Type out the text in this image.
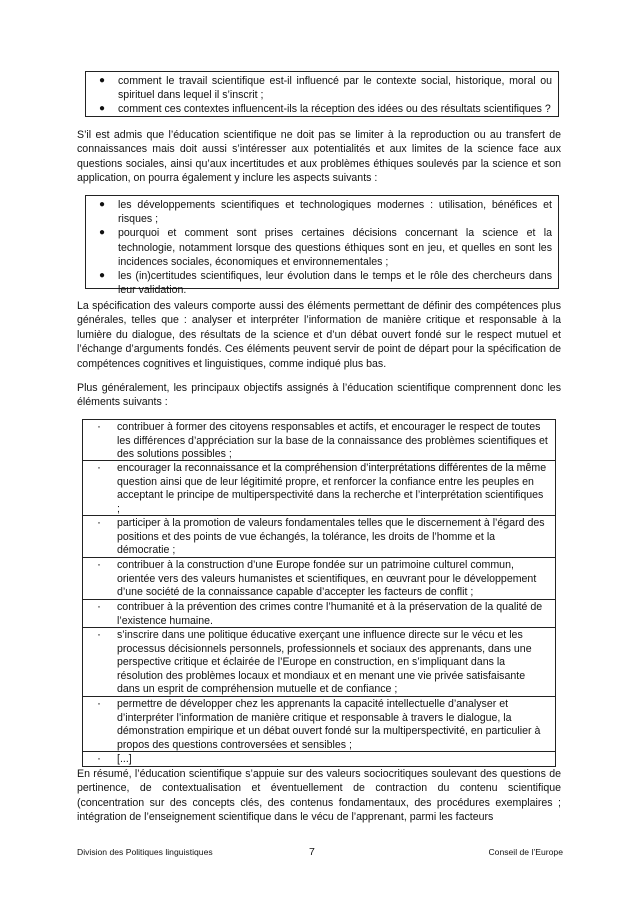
● comment le travail scientifique est-il influencé par le contexte social, historique, moral ou spirituel dans lequel il s’inscrit ;
● comment ces contextes influencent-ils la réception des idées ou des résultats scientifiques ?
S’il est admis que l’éducation scientifique ne doit pas se limiter à la reproduction ou au transfert de connaissances mais doit aussi s’intéresser aux potentialités et aux limites de la science face aux questions sociales, ainsi qu’aux incertitudes et aux problèmes éthiques soulevés par la science et son application, on pourra également y inclure les aspects suivants :
● les développements scientifiques et technologiques modernes : utilisation, bénéfices et risques ;
● pourquoi et comment sont prises certaines décisions concernant la science et la technologie, notamment lorsque des questions éthiques sont en jeu, et quelles en sont les incidences sociales, économiques et environnementales ;
● les (in)certitudes scientifiques, leur évolution dans le temps et le rôle des chercheurs dans leur validation.
La spécification des valeurs comporte aussi des éléments permettant de définir des compétences plus générales, telles que : analyser et interpréter l’information de manière critique et responsable à la lumière du dialogue, des résultats de la science et d’un débat ouvert fondé sur le respect mutuel et l’échange d’arguments fondés. Ces éléments peuvent servir de point de départ pour la spécification de compétences cognitives et linguistiques, comme indiqué plus bas.
Plus généralement, les principaux objectifs assignés à l’éducation scientifique comprennent donc les éléments suivants :
· contribuer à former des citoyens responsables et actifs, et encourager le respect de toutes les différences d’appréciation sur la base de la connaissance des problèmes scientifiques et des solutions possibles ;
· encourager la reconnaissance et la compréhension d’interprétations différentes de la même question ainsi que de leur légitimité propre, et renforcer la confiance entre les peuples en acceptant le principe de multiperspectivité dans la recherche et l’interprétation scientifiques ;
· participer à la promotion de valeurs fondamentales telles que le discernement à l’égard des positions et des points de vue échangés, la tolérance, les droits de l’homme et la démocratie ;
· contribuer à la construction d’une Europe fondée sur un patrimoine culturel commun, orientée vers des valeurs humanistes et scientifiques, en œuvrant pour le développement d’une société de la connaissance capable d’accepter les facteurs de conflit ;
· contribuer à la prévention des crimes contre l’humanité et à la préservation de la qualité de l’existence humaine.
· s’inscrire dans une politique éducative exerçant une influence directe sur le vécu et les processus décisionnels personnels, professionnels et sociaux des apprenants, dans une perspective critique et éclairée de l’Europe en construction, en s’impliquant dans la résolution des problèmes locaux et mondiaux et en menant une vie privée satisfaisante dans un esprit de compréhension mutuelle et de confiance ;
· permettre de développer chez les apprenants la capacité intellectuelle d’analyser et d’interpréter l’information de manière critique et responsable à travers le dialogue, la démonstration empirique et un débat ouvert fondé sur la multiperspectivité, en particulier à propos des questions controversées et sensibles ;
· [...]
En résumé, l’éducation scientifique s’appuie sur des valeurs sociocritiques soulevant des questions de pertinence, de contextualisation et éventuellement de contraction du contenu scientifique (concentration sur des concepts clés, des contenus fondamentaux, des procédures exemplaires ; intégration de l’enseignement scientifique dans le vécu de l’apprenant, parmi les facteurs
Division des Politiques linguistiques	7	Conseil de l’Europe
